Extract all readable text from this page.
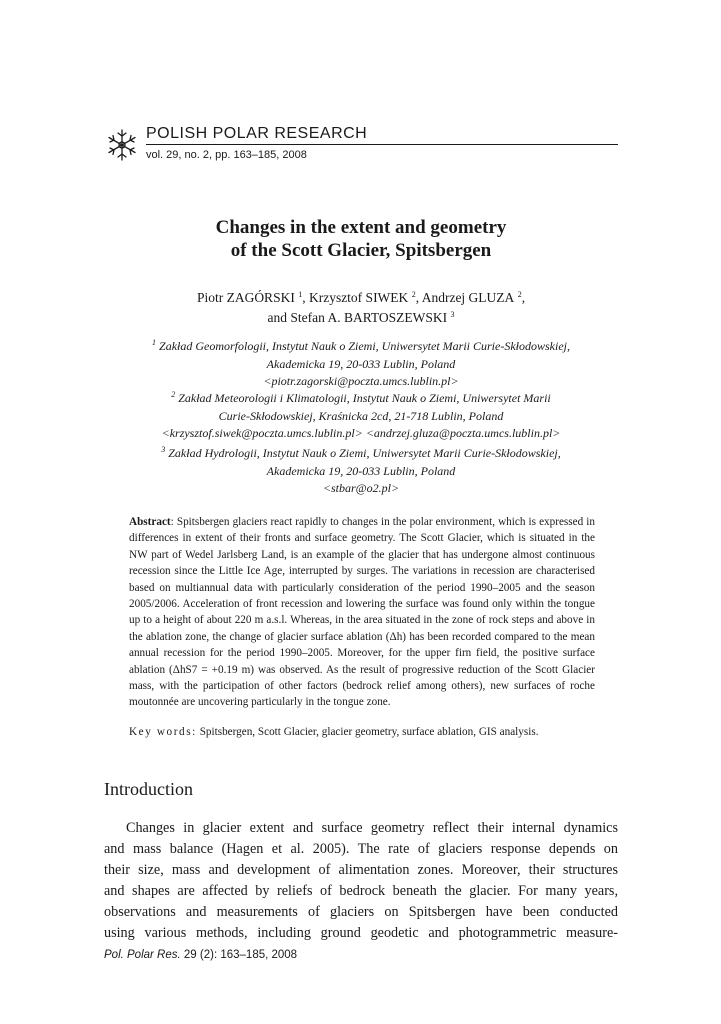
POLISH POLAR RESEARCH
vol. 29, no. 2, pp. 163–185, 2008
Changes in the extent and geometry
of the Scott Glacier, Spitsbergen
Piotr ZAGÓRSKI $^1$, Krzysztof SIWEK $^2$, Andrzej GLUZA $^2$,
and Stefan A. BARTOSZEWSKI $^3$
$^1$ Zakład Geomorfologii, Instytut Nauk o Ziemi, Uniwersytet Marii Curie-Skłodowskiej,
Akademicka 19, 20-033 Lublin, Poland
<piotr.zagorski@poczta.umcs.lublin.pl>
$^2$ Zakład Meteorologii i Klimatologii, Instytut Nauk o Ziemi, Uniwersytet Marii
Curie-Skłodowskiej, Kraśnicka 2cd, 21-718 Lublin, Poland
<krzysztof.siwek@poczta.umcs.lublin.pl> <andrzej.gluza@poczta.umcs.lublin.pl>
$^3$ Zakład Hydrologii, Instytut Nauk o Ziemi, Uniwersytet Marii Curie-Skłodowskiej,
Akademicka 19, 20-033 Lublin, Poland
<stbar@o2.pl>
Abstract: Spitsbergen glaciers react rapidly to changes in the polar environment, which is expressed in differences in extent of their fronts and surface geometry. The Scott Glacier, which is situated in the NW part of Wedel Jarlsberg Land, is an example of the glacier that has undergone almost continuous recession since the Little Ice Age, interrupted by surges. The variations in recession are characterised based on multiannual data with particularly consideration of the period 1990–2005 and the season 2005/2006. Acceleration of front recession and lowering the surface was found only within the tongue up to a height of about 220 m a.s.l. Whereas, in the area situated in the zone of rock steps and above in the ablation zone, the change of glacier surface ablation (Δh) has been recorded compared to the mean annual recession for the period 1990–2005. Moreover, for the upper firn field, the positive surface ablation (ΔhS7 = +0.19 m) was observed. As the result of progressive reduction of the Scott Glacier mass, with the participation of other factors (bedrock relief among others), new surfaces of roche moutonnée are uncovering particularly in the tongue zone.
Key words: Spitsbergen, Scott Glacier, glacier geometry, surface ablation, GIS analysis.
Introduction
Changes in glacier extent and surface geometry reflect their internal dynamics
and mass balance (Hagen et al. 2005). The rate of glaciers response depends on
their size, mass and development of alimentation zones. Moreover, their structures
and shapes are affected by reliefs of bedrock beneath the glacier. For many years,
observations and measurements of glaciers on Spitsbergen have been conducted
using various methods, including ground geodetic and photogrammetric measure-
Pol. Polar Res. 29 (2): 163–185, 2008
